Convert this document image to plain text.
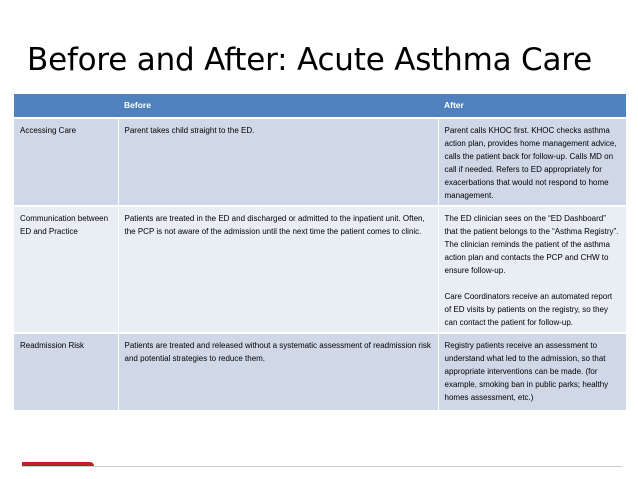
Before and After: Acute Asthma Care
	Before	After
Accessing Care	Parent takes child straight to the ED.	Parent calls KHOC first. KHOC checks asthma action plan, provides home management advice, calls the patient back for follow-up. Calls MD on call if needed. Refers to ED appropriately for exacerbations that would not respond to home management.
Communication between ED and Practice	Patients are treated in the ED and discharged or admitted to the inpatient unit. Often, the PCP is not aware of the admission until the next time the patient comes to clinic.	The ED clinician sees on the “ED Dashboard” that the patient belongs to the “Asthma Registry”. The clinician reminds the patient of the asthma action plan and contacts the PCP and CHW to ensure follow-up.
Care Coordinators receive an automated report of ED visits by patients on the registry, so they can contact the patient for follow-up.
Readmission Risk	Patients are treated and released without a systematic assessment of readmission risk and potential strategies to reduce them.	Registry patients receive an assessment to understand what led to the admission, so that appropriate interventions can be made. (for example, smoking ban in public parks; healthy homes assessment, etc.)
